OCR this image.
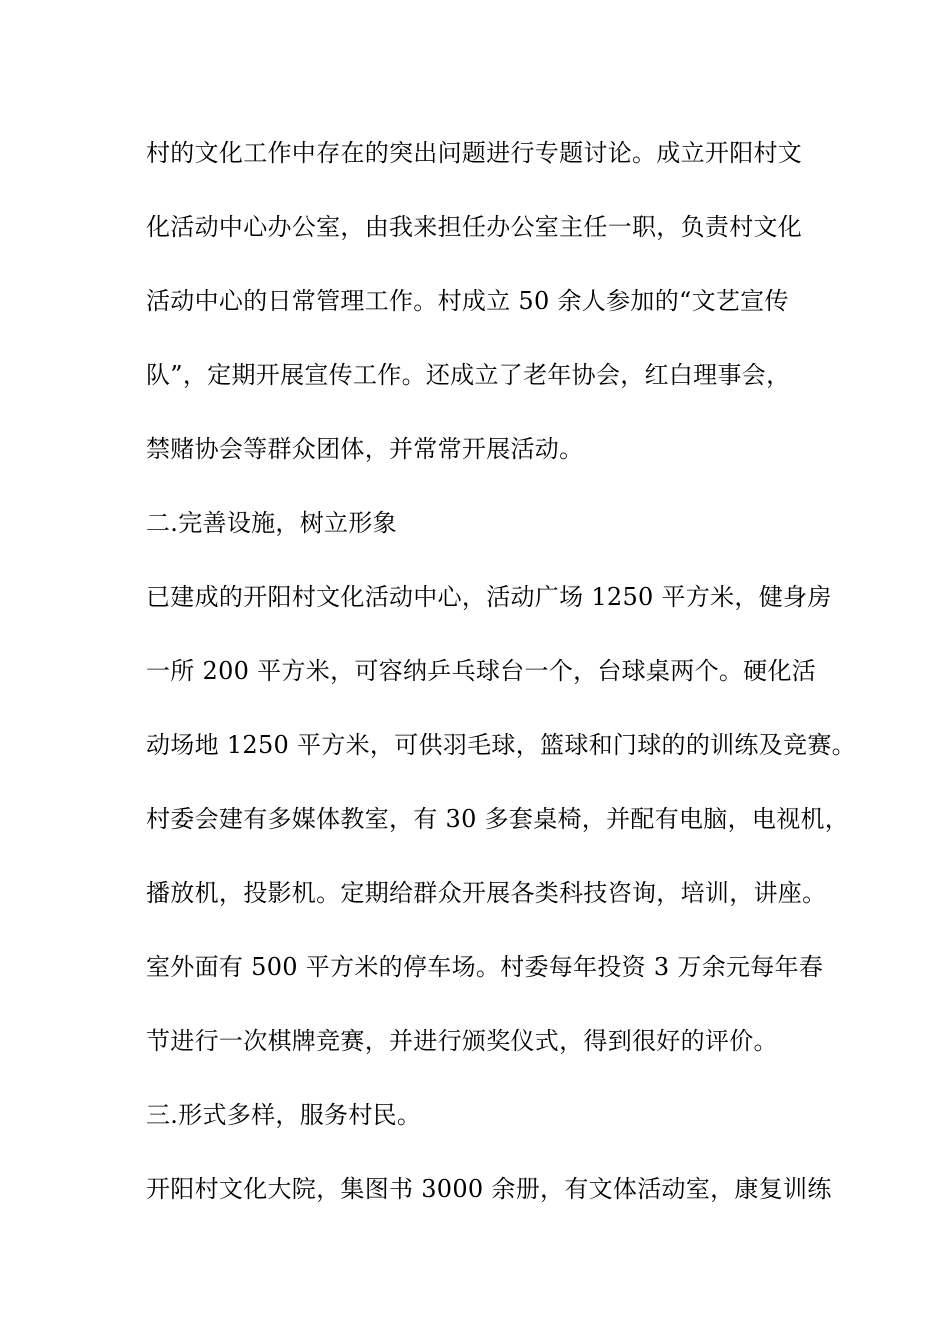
村的文化工作中存在的突出问题进行专题讨论。成立开阳村文
化活动中心办公室，由我来担任办公室主任一职，负责村文化
活动中心的日常管理工作。村成立 50 余人参加的“文艺宣传
队”，定期开展宣传工作。还成立了老年协会，红白理事会，
禁赌协会等群众团体，并常常开展活动。
二.完善设施，树立形象
已建成的开阳村文化活动中心，活动广场 1250 平方米，健身房
一所 200 平方米，可容纳乒乓球台一个，台球桌两个。硬化活
动场地 1250 平方米，可供羽毛球，篮球和门球的的训练及竞赛。
村委会建有多媒体教室，有 30 多套桌椅，并配有电脑，电视机，
播放机，投影机。定期给群众开展各类科技咨询，培训，讲座。
室外面有 500 平方米的停车场。村委每年投资 3 万余元每年春
节进行一次棋牌竞赛，并进行颁奖仪式，得到很好的评价。
三.形式多样，服务村民。
开阳村文化大院，集图书 3000 余册，有文体活动室，康复训练
